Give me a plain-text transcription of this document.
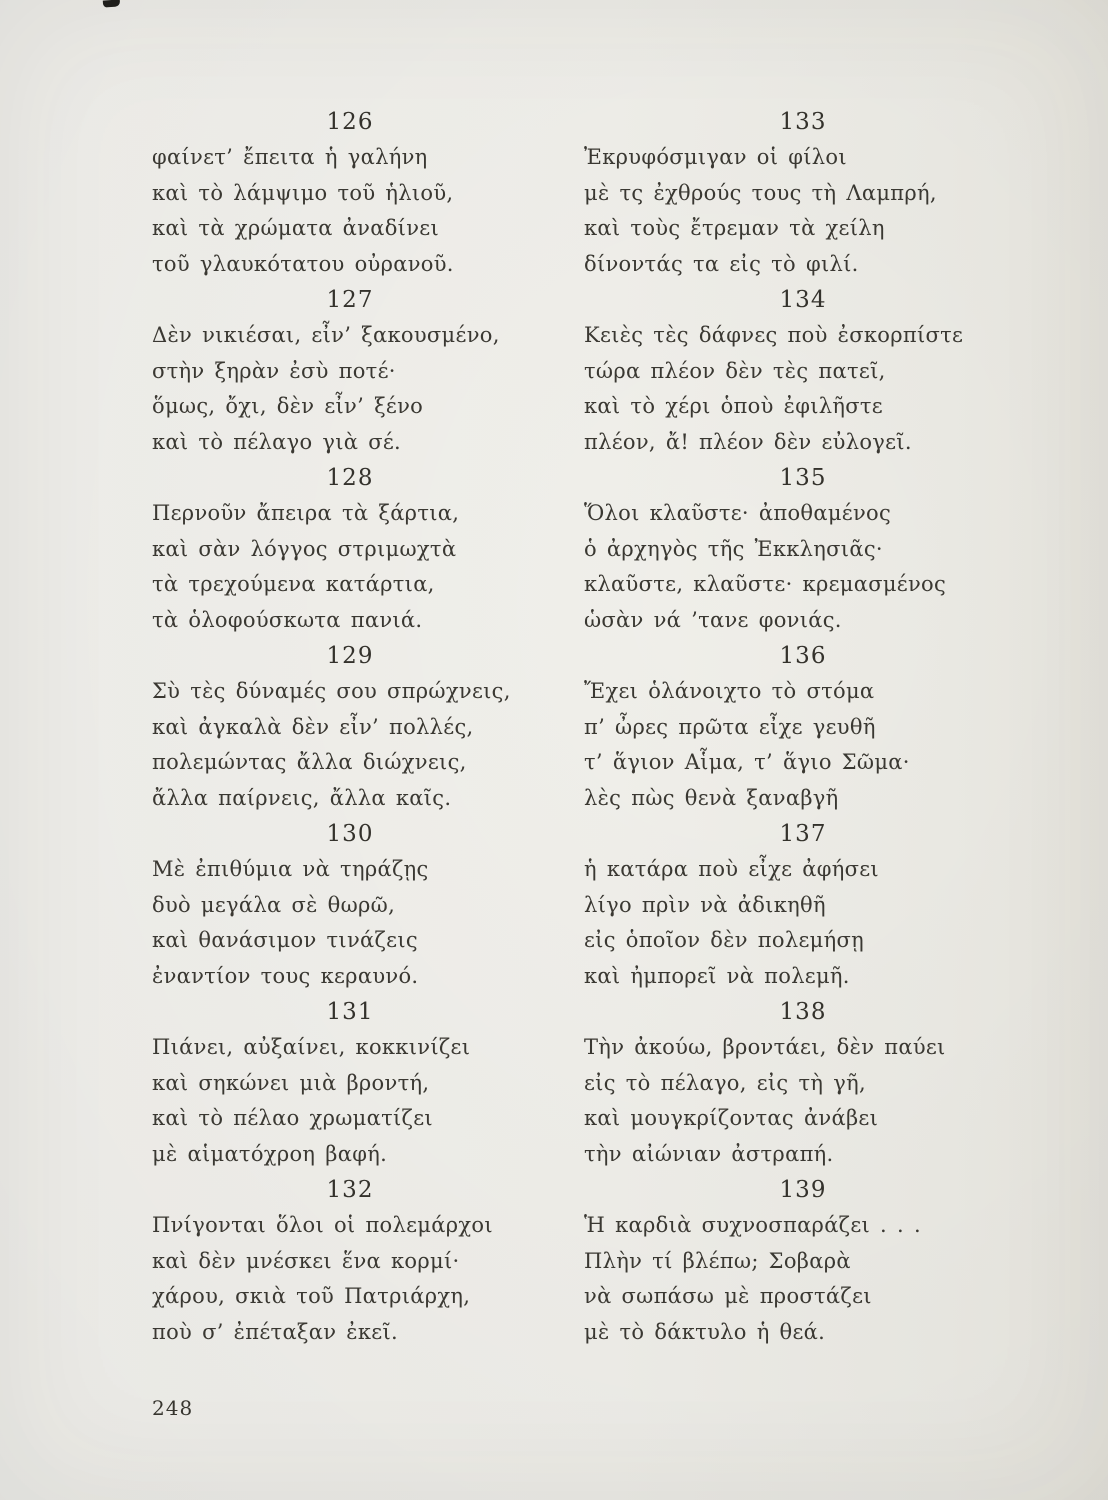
126
φαίνετ’ ἔπειτα ἡ γαλήνη
καὶ τὸ λάμψιμο τοῦ ἡλιοῦ,
καὶ τὰ χρώματα ἀναδίνει
τοῦ γλαυκότατου οὐρανοῦ.
127
Δὲν νικιέσαι, εἶν’ ξακουσμένο,
στὴν ξηρὰν ἐσὺ ποτέ·
ὅμως, ὄχι, δὲν εἶν’ ξένο
καὶ τὸ πέλαγο γιὰ σέ.
128
Περνοῦν ἄπειρα τὰ ξάρτια,
καὶ σὰν λόγγος στριμωχτὰ
τὰ τρεχούμενα κατάρτια,
τὰ ὁλοφούσκωτα πανιά.
129
Σὺ τὲς δύναμές σου σπρώχνεις,
καὶ ἀγκαλὰ δὲν εἶν’ πολλές,
πολεμώντας ἄλλα διώχνεις,
ἄλλα παίρνεις, ἄλλα καῖς.
130
Μὲ ἐπιθύμια νὰ τηράζῃς
δυὸ μεγάλα σὲ θωρῶ,
καὶ θανάσιμον τινάζεις
ἐναντίον τους κεραυνό.
131
Πιάνει, αὐξαίνει, κοκκινίζει
καὶ σηκώνει μιὰ βροντή,
καὶ τὸ πέλαο χρωματίζει
μὲ αἱματόχροη βαφή.
132
Πνίγονται ὅλοι οἱ πολεμάρχοι
καὶ δὲν μνέσκει ἕνα κορμί·
χάρου, σκιὰ τοῦ Πατριάρχη,
ποὺ σ’ ἐπέταξαν ἐκεῖ.
133
Ἐκρυφόσμιγαν οἱ φίλοι
μὲ τς ἐχθρούς τους τὴ Λαμπρή,
καὶ τοὺς ἔτρεμαν τὰ χείλη
δίνοντάς τα εἰς τὸ φιλί.
134
Κειὲς τὲς δάφνες ποὺ ἐσκορπίστε
τώρα πλέον δὲν τὲς πατεῖ,
καὶ τὸ χέρι ὁποὺ ἐφιλῆστε
πλέον, ἄ! πλέον δὲν εὐλογεῖ.
135
Ὅλοι κλαῦστε· ἀποθαμένος
ὁ ἀρχηγὸς τῆς Ἐκκλησιᾶς·
κλαῦστε, κλαῦστε· κρεμασμένος
ὡσὰν νά ’τανε φονιάς.
136
Ἔχει ὁλάνοιχτο τὸ στόμα
π’ ὦρες πρῶτα εἶχε γευθῆ
τ’ ἅγιον Αἷμα, τ’ ἅγιο Σῶμα·
λὲς πὼς θενὰ ξαναβγῆ
137
ἡ κατάρα ποὺ εἶχε ἀφήσει
λίγο πρὶν νὰ ἀδικηθῆ
εἰς ὁποῖον δὲν πολεμήσῃ
καὶ ἠμπορεῖ νὰ πολεμῆ.
138
Τὴν ἀκούω, βροντάει, δὲν παύει
εἰς τὸ πέλαγο, εἰς τὴ γῆ,
καὶ μουγκρίζοντας ἀνάβει
τὴν αἰώνιαν ἀστραπή.
139
Ἡ καρδιὰ συχνοσπαράζει . . .
Πλὴν τί βλέπω; Σοβαρὰ
νὰ σωπάσω μὲ προστάζει
μὲ τὸ δάκτυλο ἡ θεά.
248
